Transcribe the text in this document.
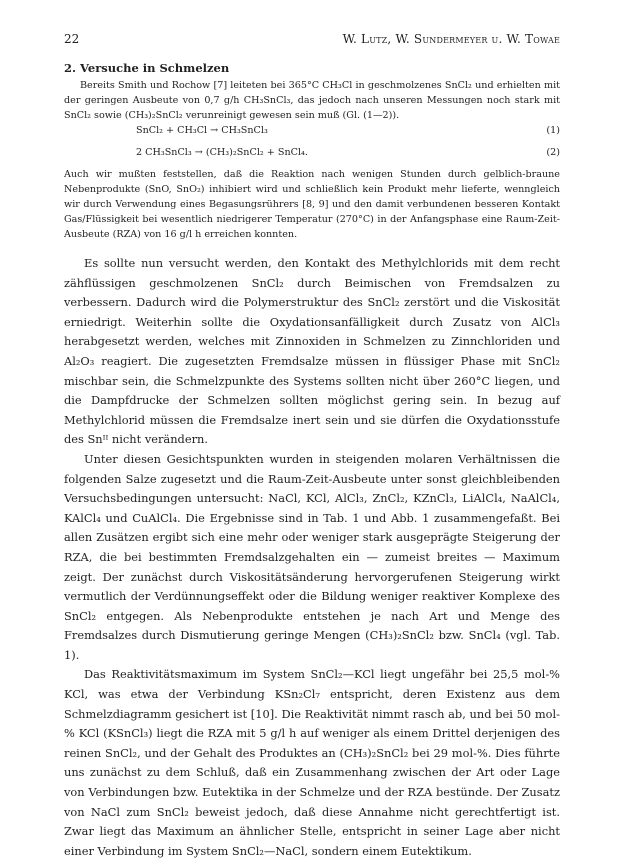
22	W. Lutz, W. Sundermeyer u. W. Towae
2. Versuche in Schmelzen

Bereits Smith und Rochow [7] leiteten bei 365°C CH₃Cl in geschmolzenes SnCl₂ und erhielten mit der geringen Ausbeute von 0,7 g/h CH₃SnCl₃, das jedoch nach unseren Messungen noch stark mit SnCl₂ sowie (CH₃)₂SnCl₂ verunreinigt gewesen sein muß (Gl. (1—2)).

SnCl₂ + CH₃Cl → CH₃SnCl₃	(1)
2 CH₃SnCl₃ → (CH₃)₂SnCl₂ + SnCl₄.	(2)

Auch wir mußten feststellen, daß die Reaktion nach wenigen Stunden durch gelblich-braune Nebenprodukte (SnO, SnO₂) inhibiert wird und schließlich kein Produkt mehr lieferte, wenngleich wir durch Verwendung eines Begasungsrührers [8, 9] und den damit verbundenen besseren Kontakt Gas/Flüssigkeit bei wesentlich niedrigerer Temperatur (270°C) in der Anfangsphase eine Raum-Zeit-Ausbeute (RZA) von 16 g/l h erreichen konnten.

Es sollte nun versucht werden, den Kontakt des Methylchlorids mit dem recht zähflüssigen geschmolzenen SnCl₂ durch Beimischen von Fremdsalzen zu verbessern. Dadurch wird die Polymerstruktur des SnCl₂ zerstört und die Viskosität erniedrigt. Weiterhin sollte die Oxydationsanfälligkeit durch Zusatz von AlCl₃ herabgesetzt werden, welches mit Zinnoxiden in Schmelzen zu Zinnchloriden und Al₂O₃ reagiert. Die zugesetzten Fremdsalze müssen in flüssiger Phase mit SnCl₂ mischbar sein, die Schmelzpunkte des Systems sollten nicht über 260°C liegen, und die Dampfdrucke der Schmelzen sollten möglichst gering sein. In bezug auf Methylchlorid müssen die Fremdsalze inert sein und sie dürfen die Oxydationsstufe des Snᴵᴵ nicht verändern.

Unter diesen Gesichtspunkten wurden in steigenden molaren Verhältnissen die folgenden Salze zugesetzt und die Raum-Zeit-Ausbeute unter sonst gleichbleibenden Versuchsbedingungen untersucht: NaCl, KCl, AlCl₃, ZnCl₂, KZnCl₃, LiAlCl₄, NaAlCl₄, KAlCl₄ und CuAlCl₄. Die Ergebnisse sind in Tab. 1 und Abb. 1 zusammengefaßt. Bei allen Zusätzen ergibt sich eine mehr oder weniger stark ausgeprägte Steigerung der RZA, die bei bestimmten Fremdsalzgehalten ein — zumeist breites — Maximum zeigt. Der zunächst durch Viskositätsänderung hervorgerufenen Steigerung wirkt vermutlich der Verdünnungseffekt oder die Bildung weniger reaktiver Komplexe des SnCl₂ entgegen. Als Nebenprodukte entstehen je nach Art und Menge des Fremdsalzes durch Dismutierung geringe Mengen (CH₃)₂SnCl₂ bzw. SnCl₄ (vgl. Tab. 1).

Das Reaktivitätsmaximum im System SnCl₂—KCl liegt ungefähr bei 25,5 mol-% KCl, was etwa der Verbindung KSn₂Cl₇ entspricht, deren Existenz aus dem Schmelzdiagramm gesichert ist [10]. Die Reaktivität nimmt rasch ab, und bei 50 mol-% KCl (KSnCl₃) liegt die RZA mit 5 g/l h auf weniger als einem Drittel derjenigen des reinen SnCl₂, und der Gehalt des Produktes an (CH₃)₂SnCl₂ bei 29 mol-%. Dies führte uns zunächst zu dem Schluß, daß ein Zusammenhang zwischen der Art oder Lage von Verbindungen bzw. Eutektika in der Schmelze und der RZA bestünde. Der Zusatz von NaCl zum SnCl₂ beweist jedoch, daß diese Annahme nicht gerechtfertigt ist. Zwar liegt das Maximum an ähnlicher Stelle, entspricht in seiner Lage aber nicht einer Verbindung im System SnCl₂—NaCl, sondern einem Eutektikum.
